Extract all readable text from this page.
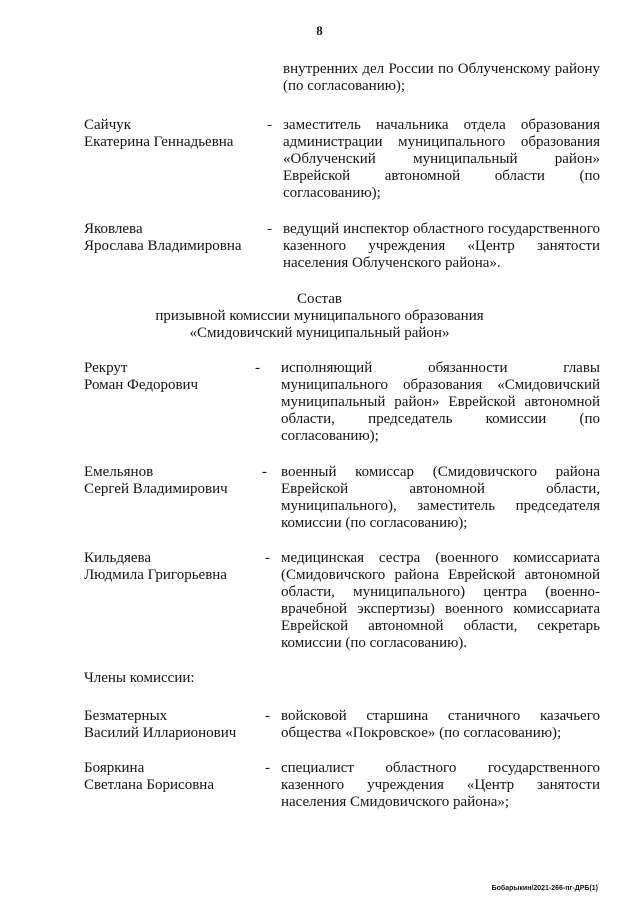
8
внутренних дел России по Облученскому району (по согласованию);
Сайчук
Екатерина Геннадьевна
- заместитель начальника отдела образования администрации муниципального образования «Облученский муниципальный район» Еврейской автономной области (по согласованию);
Яковлева
Ярослава Владимировна
- ведущий инспектор областного государственного казенного учреждения «Центр занятости населения Облученского района».
Состав
призывной комиссии муниципального образования
«Смидовичский муниципальный район»
Рекрут
Роман Федорович
-	исполняющий обязанности главы муниципального образования «Смидовичский муниципальный район» Еврейской автономной области, председатель комиссии (по согласованию);
Емельянов
Сергей Владимирович
- военный комиссар (Смидовичского района Еврейской автономной области, муниципального), заместитель председателя комиссии (по согласованию);
Кильдяева
Людмила Григорьевна
- медицинская сестра (военного комиссариата (Смидовичского района Еврейской автономной области, муниципального) центра (военно-врачебной экспертизы) военного комиссариата Еврейской автономной области, секретарь комиссии (по согласованию).
Члены комиссии:
Безматерных
Василий Илларионович
- войсковой старшина станичного казачьего общества «Покровское» (по согласованию);
Бояркина
Светлана Борисовна
- специалист областного государственного казенного учреждения «Центр занятости населения Смидовичского района»;
Бобарыкин/2021-266-пг-ДРБ(1)
